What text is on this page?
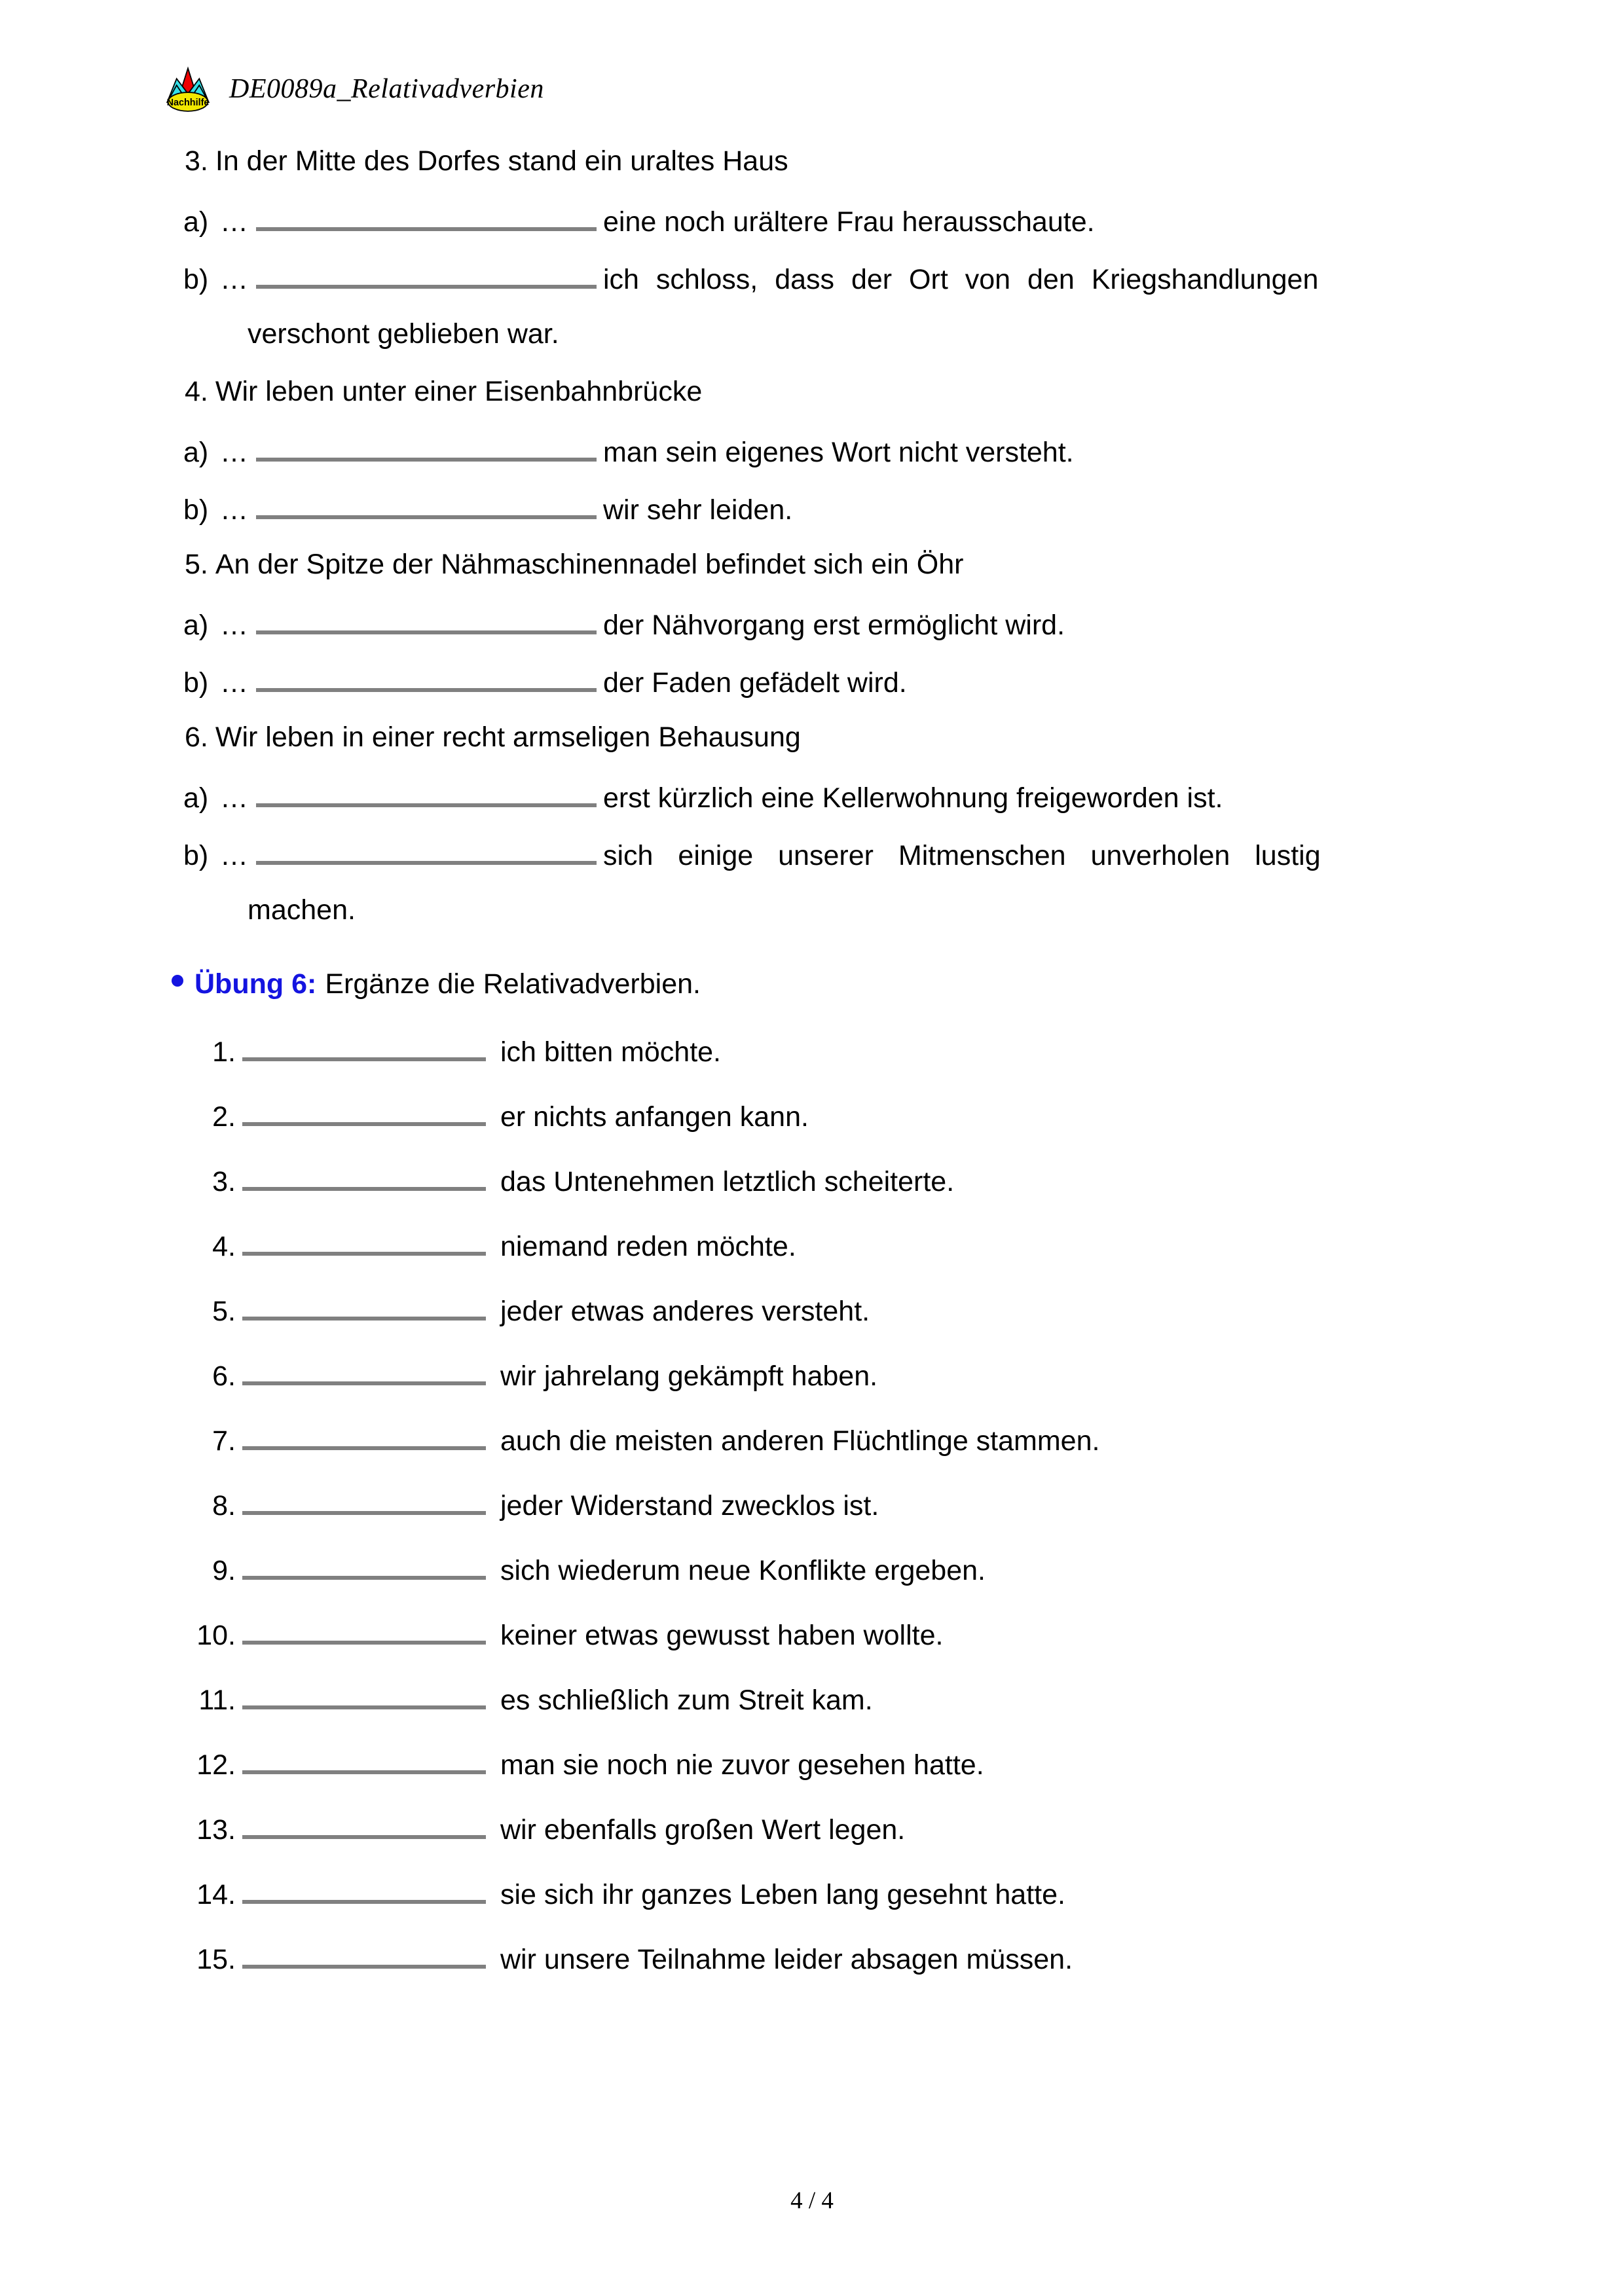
Nachhilfe DE0089a_Relativadverbien
3. In der Mitte des Dorfes stand ein uraltes Haus
a) …	eine noch urältere Frau herausschaute.
b) …	ich schloss, dass der Ort von den Kriegshandlungen
verschont geblieben war.
4. Wir leben unter einer Eisenbahnbrücke
a) …	man sein eigenes Wort nicht versteht.
b) …	wir sehr leiden.
5. An der Spitze der Nähmaschinennadel befindet sich ein Öhr
a) …	der Nähvorgang erst ermöglicht wird.
b) …	der Faden gefädelt wird.
6. Wir leben in einer recht armseligen Behausung
a) …	erst kürzlich eine Kellerwohnung freigeworden ist.
b) …	sich einige unserer Mitmenschen unverholen lustig
machen.
Übung 6: Ergänze die Relativadverbien.
1.	ich bitten möchte.
2.	er nichts anfangen kann.
3.	das Untenehmen letztlich scheiterte.
4.	niemand reden möchte.
5.	jeder etwas anderes versteht.
6.	wir jahrelang gekämpft haben.
7.	auch die meisten anderen Flüchtlinge stammen.
8.	jeder Widerstand zwecklos ist.
9.	sich wiederum neue Konflikte ergeben.
10.	keiner etwas gewusst haben wollte.
11.	es schließlich zum Streit kam.
12.	man sie noch nie zuvor gesehen hatte.
13.	wir ebenfalls großen Wert legen.
14.	sie sich ihr ganzes Leben lang gesehnt hatte.
15.	wir unsere Teilnahme leider absagen müssen.
4 / 4
